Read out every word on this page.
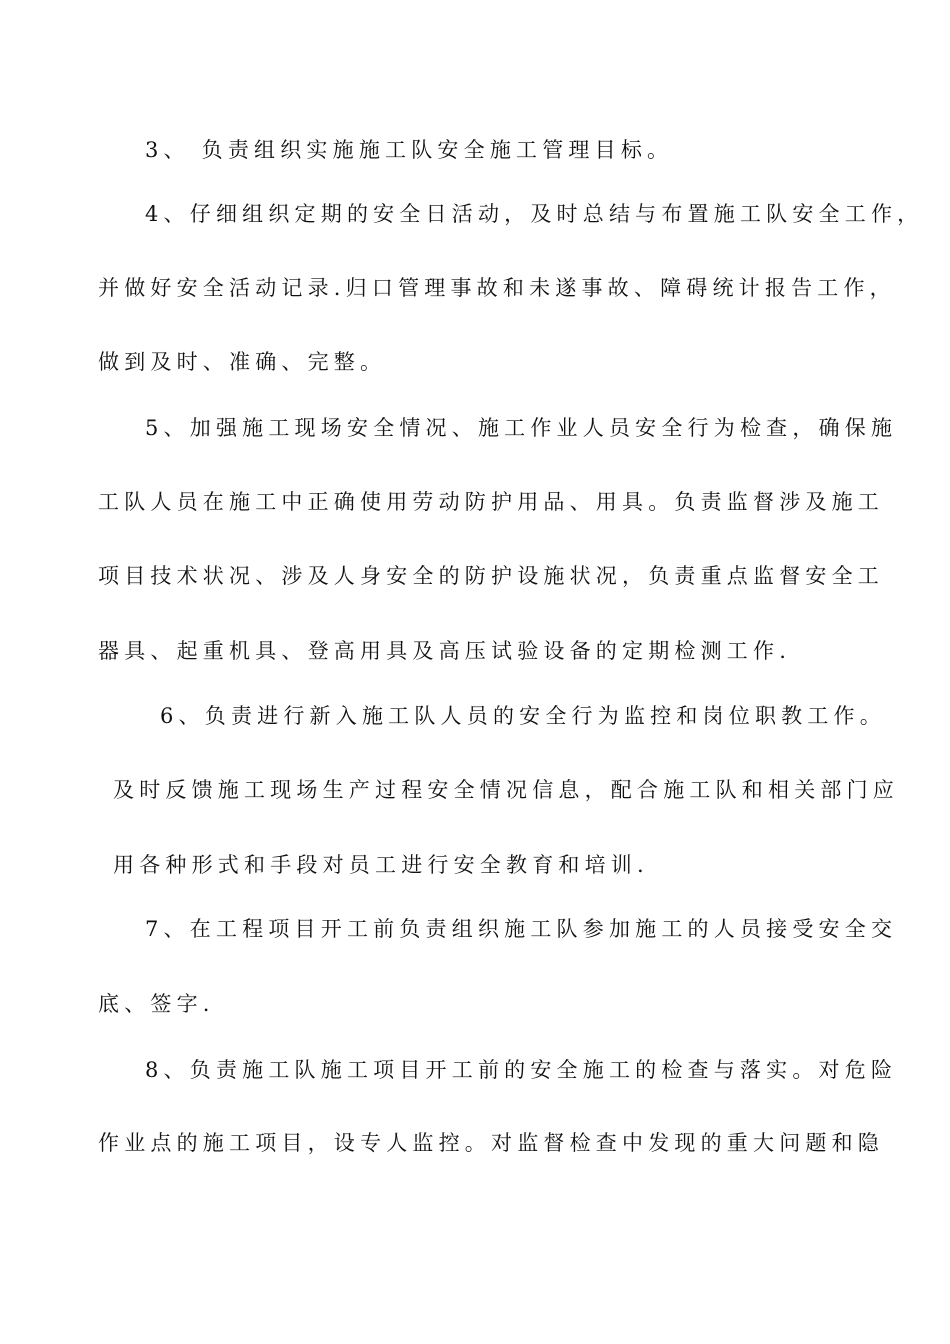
3、 负责组织实施施工队安全施工管理目标。
4、仔细组织定期的安全日活动，及时总结与布置施工队安全工作，
并做好安全活动记录.归口管理事故和未遂事故、障碍统计报告工作，
做到及时、准确、完整。
5、加强施工现场安全情况、施工作业人员安全行为检查，确保施
工队人员在施工中正确使用劳动防护用品、用具。负责监督涉及施工
项目技术状况、涉及人身安全的防护设施状况，负责重点监督安全工
器具、起重机具、登高用具及高压试验设备的定期检测工作.
6、负责进行新入施工队人员的安全行为监控和岗位职教工作。
及时反馈施工现场生产过程安全情况信息，配合施工队和相关部门应
用各种形式和手段对员工进行安全教育和培训.
7、在工程项目开工前负责组织施工队参加施工的人员接受安全交
底、签字.
8、负责施工队施工项目开工前的安全施工的检查与落实。对危险
作业点的施工项目，设专人监控。对监督检查中发现的重大问题和隐
